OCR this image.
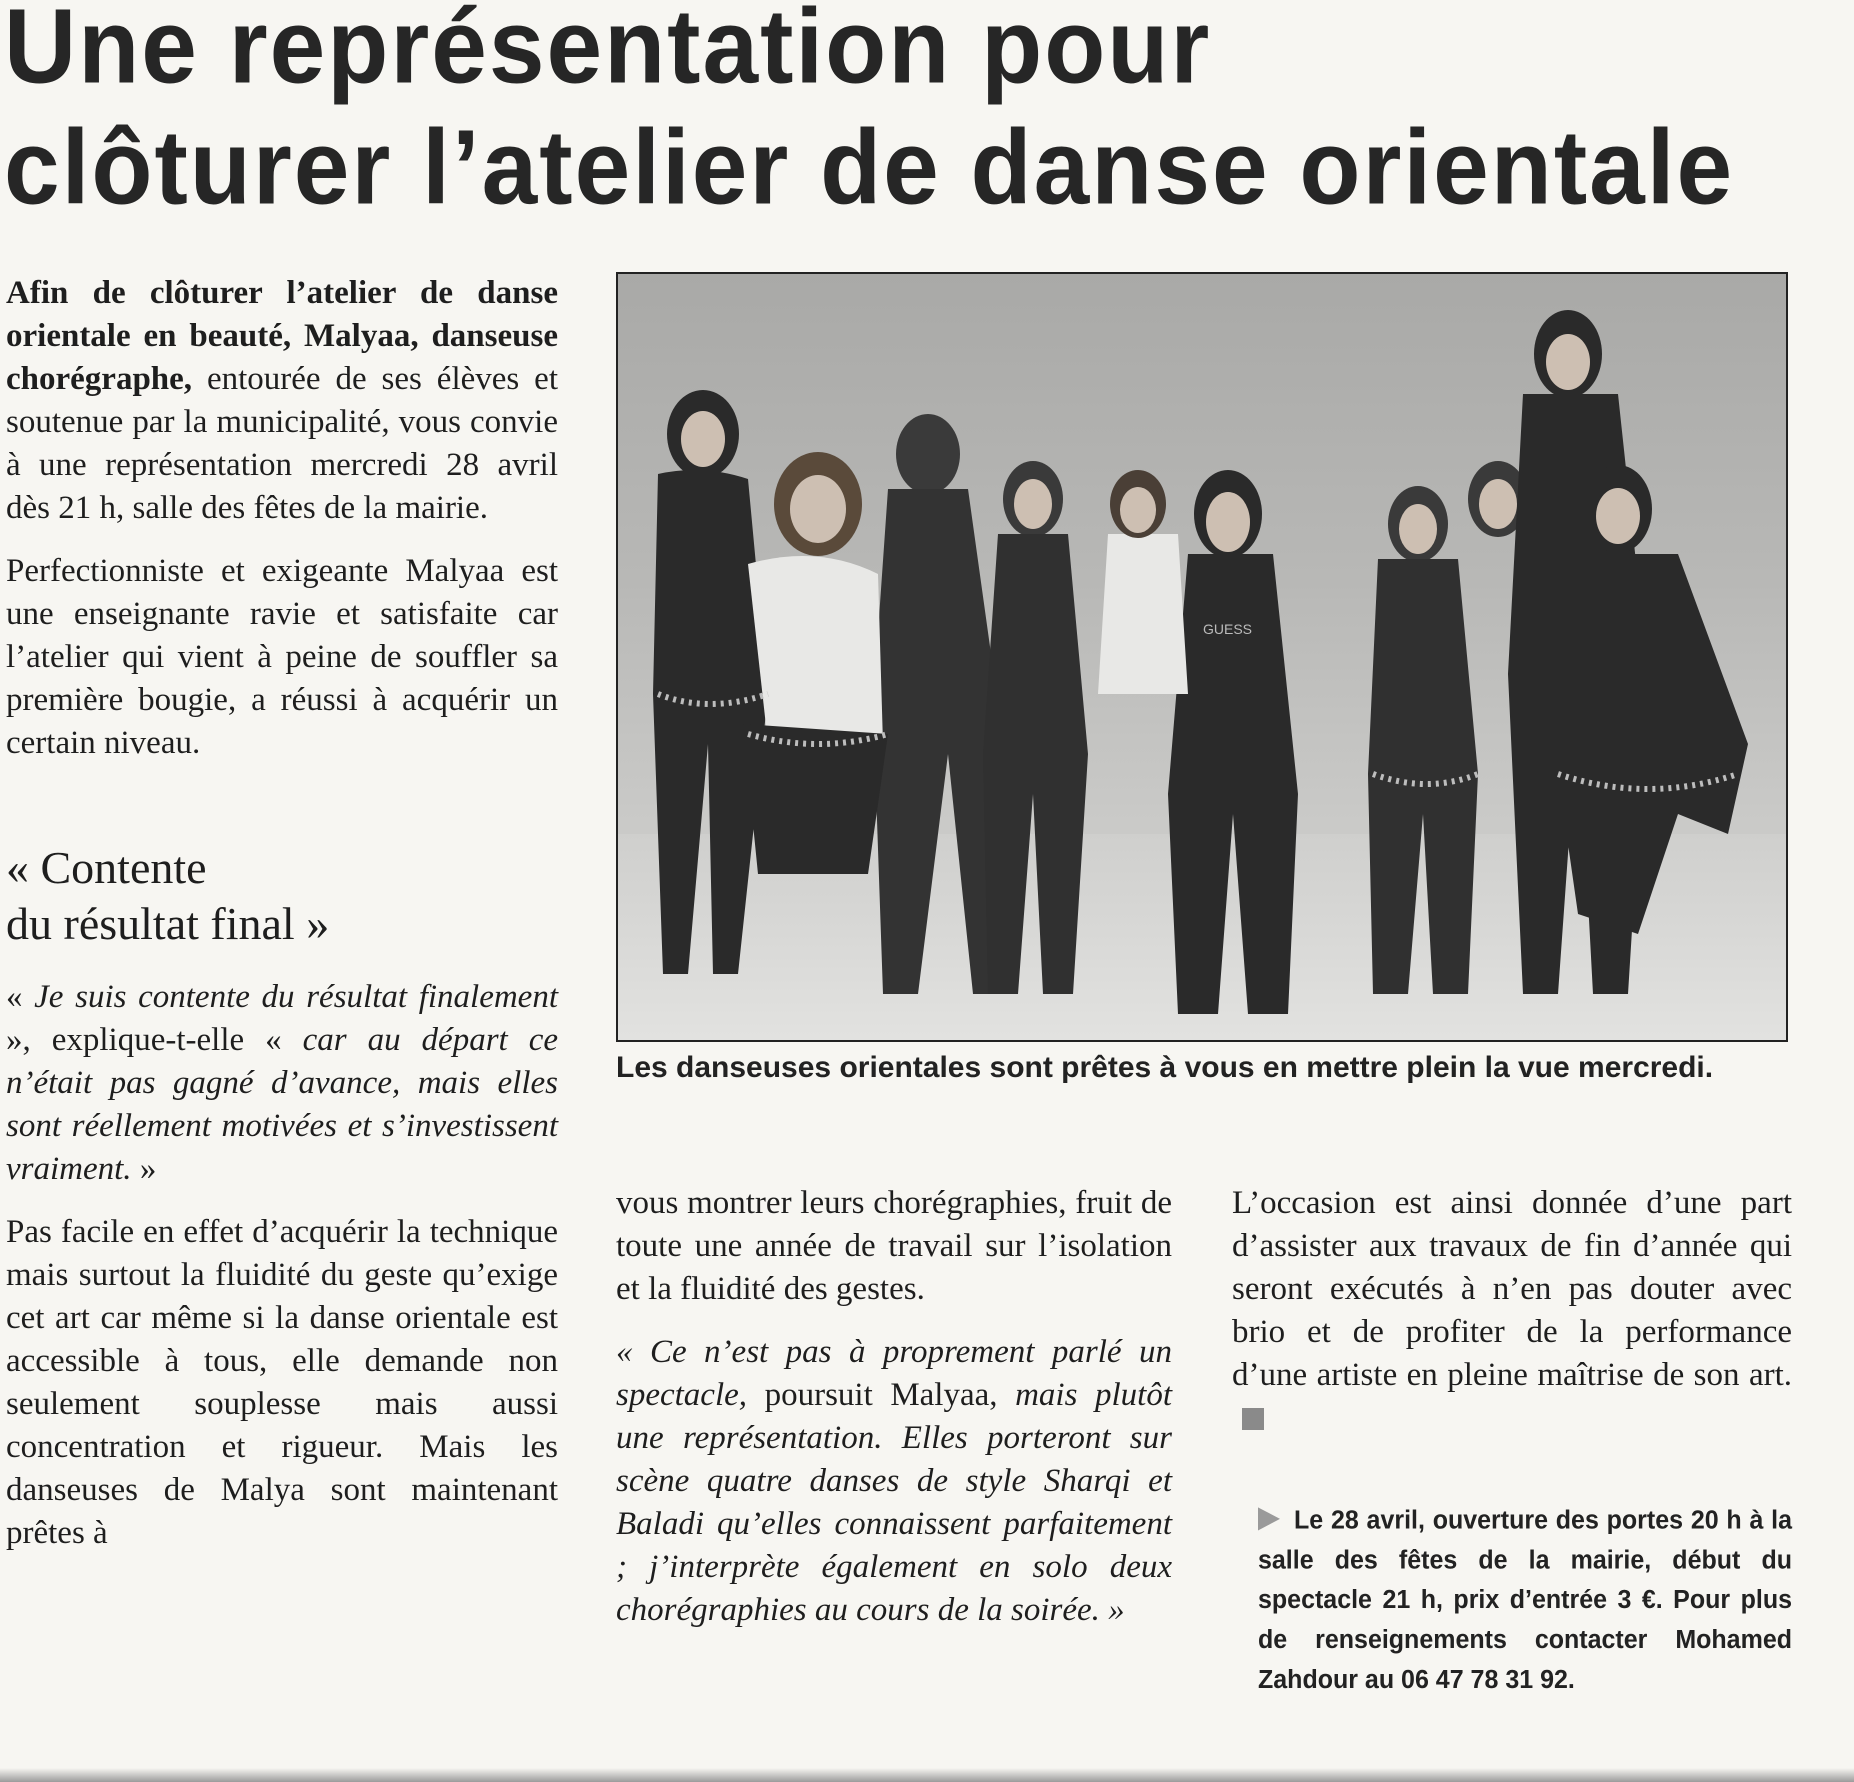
Une représentation pour
clôturer l’atelier de danse orientale

Afin de clôturer l’atelier de danse orientale en beauté, Malyaa, danseuse chorégraphe, entourée de ses élèves et soutenue par la municipalité, vous convie à une représentation mercredi 28 avril dès 21 h, salle des fêtes de la mairie.

Perfectionniste et exigeante Malyaa est une enseignante ravie et satisfaite car l’atelier qui vient à peine de souffler sa première bougie, a réussi à acquérir un certain niveau.

« Contente
du résultat final »

« Je suis contente du résultat finalement », explique-t-elle « car au départ ce n’était pas gagné d’avance, mais elles sont réellement motivées et s’investissent vraiment. »

Pas facile en effet d’acquérir la technique mais surtout la fluidité du geste qu’exige cet art car même si la danse orientale est accessible à tous, elle demande non seulement souplesse mais aussi concentration et rigueur. Mais les danseuses de Malya sont maintenant prêtes à

GUESS

Les danseuses orientales sont prêtes à vous en mettre plein la vue mercredi.

vous montrer leurs chorégraphies, fruit de toute une année de travail sur l’isolation et la fluidité des gestes.

« Ce n’est pas à proprement parlé un spectacle, poursuit Malyaa, mais plutôt une représentation. Elles porteront sur scène quatre danses de style Sharqi et Baladi qu’elles connaissent parfaitement ; j’interprète également en solo deux chorégraphies au cours de la soirée. »

L’occasion est ainsi donnée d’une part d’assister aux travaux de fin d’année qui seront exécutés à n’en pas douter avec brio et de profiter de la performance d’une artiste en pleine maîtrise de son art.

Le 28 avril, ouverture des portes 20 h à la salle des fêtes de la mairie, début du spectacle 21 h, prix d’entrée 3 €. Pour plus de renseignements contacter Mohamed Zahdour au 06 47 78 31 92.
